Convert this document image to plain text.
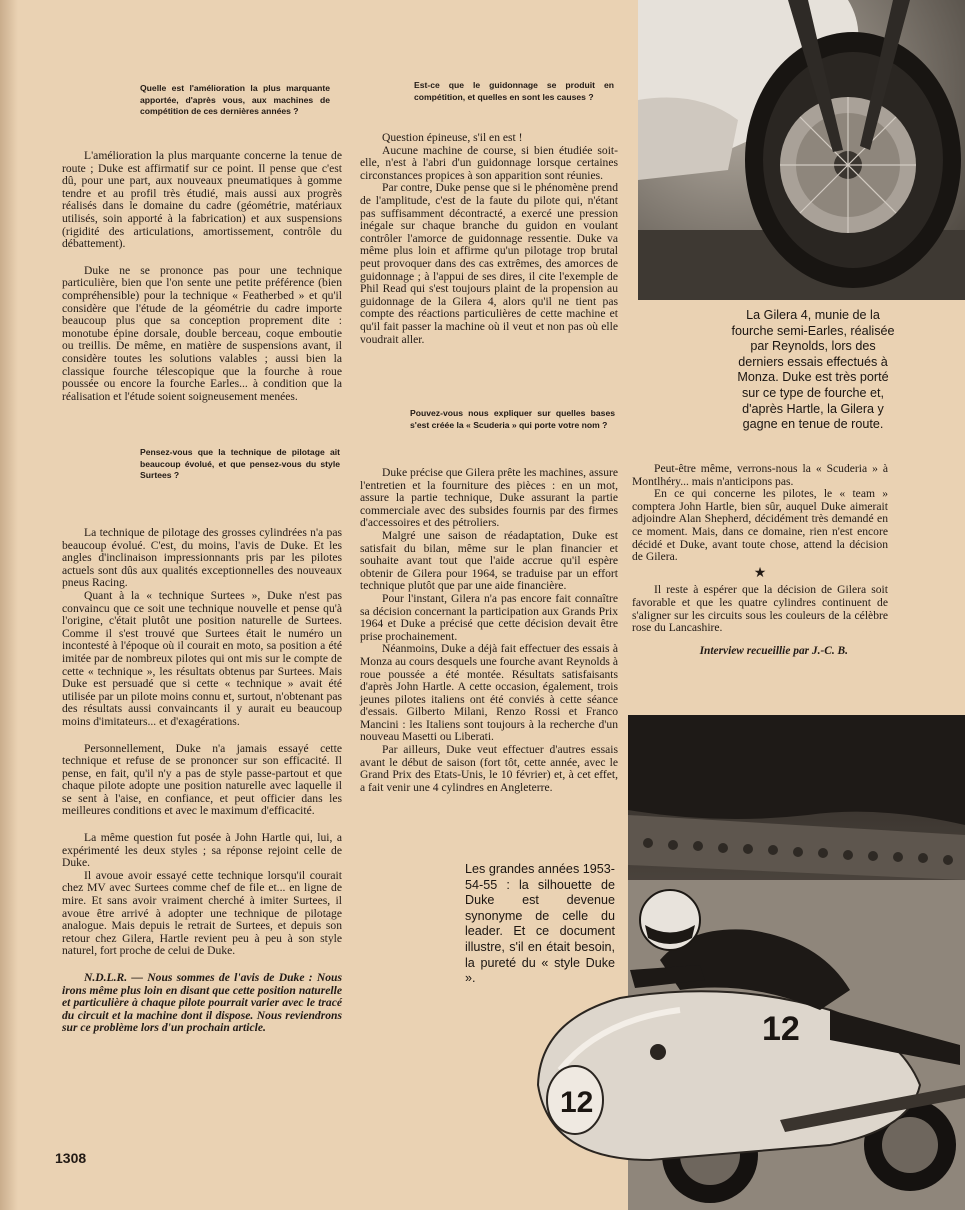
Quelle est l'amélioration la plus marquante apportée, d'après vous, aux machines de compétition de ces dernières années ?

L'amélioration la plus marquante concerne la tenue de route ; Duke est affirmatif sur ce point. Il pense que c'est dû, pour une part, aux nouveaux pneumatiques à gomme tendre et au profil très étudié, mais aussi aux progrès réalisés dans le domaine du cadre (géométrie, matériaux utilisés, soin apporté à la fabrication) et aux suspensions (rigidité des articulations, amortissement, contrôle du débattement).

Duke ne se prononce pas pour une technique particulière, bien que l'on sente une petite préférence (bien compréhensible) pour la technique « Featherbed » et qu'il considère que l'étude de la géométrie du cadre importe beaucoup plus que sa conception proprement dite : monotube épine dorsale, double berceau, coque emboutie ou treillis. De même, en matière de suspensions avant, il considère toutes les solutions valables ; aussi bien la classique fourche télescopique que la fourche à roue poussée ou encore la fourche Earles... à condition que la réalisation et l'étude soient soigneusement menées.

Pensez-vous que la technique de pilotage ait beaucoup évolué, et que pensez-vous du style Surtees ?

La technique de pilotage des grosses cylindrées n'a pas beaucoup évolué. C'est, du moins, l'avis de Duke. Et les angles d'inclinaison impressionnants pris par les pilotes actuels sont dûs aux qualités exceptionnelles des nouveaux pneus Racing.

Quant à la « technique Surtees », Duke n'est pas convaincu que ce soit une technique nouvelle et pense qu'à l'origine, c'était plutôt une position naturelle de Surtees. Comme il s'est trouvé que Surtees était le numéro un incontesté à l'époque où il courait en moto, sa position a été imitée par de nombreux pilotes qui ont mis sur le compte de cette « technique », les résultats obtenus par Surtees. Mais Duke est persuadé que si cette « technique » avait été utilisée par un pilote moins connu et, surtout, n'obtenant pas des résultats aussi convaincants il y aurait eu beaucoup moins d'imitateurs... et d'exagérations.

Personnellement, Duke n'a jamais essayé cette technique et refuse de se prononcer sur son efficacité. Il pense, en fait, qu'il n'y a pas de style passe-partout et que chaque pilote adopte une position naturelle avec laquelle il se sent à l'aise, en confiance, et peut officier dans les meilleures conditions et avec le maximum d'efficacité.

La même question fut posée à John Hartle qui, lui, a expérimenté les deux styles ; sa réponse rejoint celle de Duke.

Il avoue avoir essayé cette technique lorsqu'il courait chez MV avec Surtees comme chef de file et... en ligne de mire. Et sans avoir vraiment cherché à imiter Surtees, il avoue être arrivé à adopter une technique de pilotage analogue. Mais depuis le retrait de Surtees, et depuis son retour chez Gilera, Hartle revient peu à peu à son style naturel, fort proche de celui de Duke.

N.D.L.R. — Nous sommes de l'avis de Duke : Nous irons même plus loin en disant que cette position naturelle et particulière à chaque pilote pourrait varier avec le tracé du circuit et la machine dont il dispose. Nous reviendrons sur ce problème lors d'un prochain article.

1308
Est-ce que le guidonnage se produit en compétition, et quelles en sont les causes ?

Question épineuse, s'il en est !

Aucune machine de course, si bien étudiée soit-elle, n'est à l'abri d'un guidonnage lorsque certaines circonstances propices à son apparition sont réunies.

Par contre, Duke pense que si le phénomène prend de l'amplitude, c'est de la faute du pilote qui, n'étant pas suffisamment décontracté, a exercé une pression inégale sur chaque branche du guidon en voulant contrôler l'amorce de guidonnage ressentie. Duke va même plus loin et affirme qu'un pilotage trop brutal peut provoquer dans des cas extrêmes, des amorces de guidonnage ; à l'appui de ses dires, il cite l'exemple de Phil Read qui s'est toujours plaint de la propension au guidonnage de la Gilera 4, alors qu'il ne tient pas compte des réactions particulières de cette machine et qu'il fait passer la machine où il veut et non pas où elle voudrait aller.

Pouvez-vous nous expliquer sur quelles bases s'est créée la « Scuderia » qui porte votre nom ?

Duke précise que Gilera prête les machines, assure l'entretien et la fourniture des pièces : en un mot, assure la partie technique, Duke assurant la partie commerciale avec des subsides fournis par des firmes d'accessoires et des pétroliers.

Malgré une saison de réadaptation, Duke est satisfait du bilan, même sur le plan financier et souhaite avant tout que l'aide accrue qu'il espère obtenir de Gilera pour 1964, se traduise par un effort technique plutôt que par une aide financière.

Pour l'instant, Gilera n'a pas encore fait connaître sa décision concernant la participation aux Grands Prix 1964 et Duke a précisé que cette décision devait être prise prochainement.

Néanmoins, Duke a déjà fait effectuer des essais à Monza au cours desquels une fourche avant Reynolds à roue poussée a été montée. Résultats satisfaisants d'après John Hartle. A cette occasion, également, trois jeunes pilotes italiens ont été conviés à cette séance d'essais. Gilberto Milani, Renzo Rossi et Franco Mancini : les Italiens sont toujours à la recherche d'un nouveau Masetti ou Liberati.

Par ailleurs, Duke veut effectuer d'autres essais avant le début de saison (fort tôt, cette année, avec le Grand Prix des Etats-Unis, le 10 février) et, à cet effet, a fait venir une 4 cylindres en Angleterre.

La Gilera 4, munie de la fourche semi-Earles, réalisée par Reynolds, lors des derniers essais effectués à Monza. Duke est très porté sur ce type de fourche et, d'après Hartle, la Gilera y gagne en tenue de route.

Peut-être même, verrons-nous la « Scuderia » à Montlhéry... mais n'anticipons pas.

En ce qui concerne les pilotes, le « team » comptera John Hartle, bien sûr, auquel Duke aimerait adjoindre Alan Shepherd, décidément très demandé en ce moment. Mais, dans ce domaine, rien n'est encore décidé et Duke, avant toute chose, attend la décision de Gilera.

★

Il reste à espérer que la décision de Gilera soit favorable et que les quatre cylindres continuent de s'aligner sur les circuits sous les couleurs de la célèbre rose du Lancashire.

Interview recueillie par J.-C. B.
12
12
Les grandes années 1953-54-55 : la silhouette de Duke est devenue synonyme de celle du leader. Et ce document illustre, s'il en était besoin, la pureté du « style Duke ».
